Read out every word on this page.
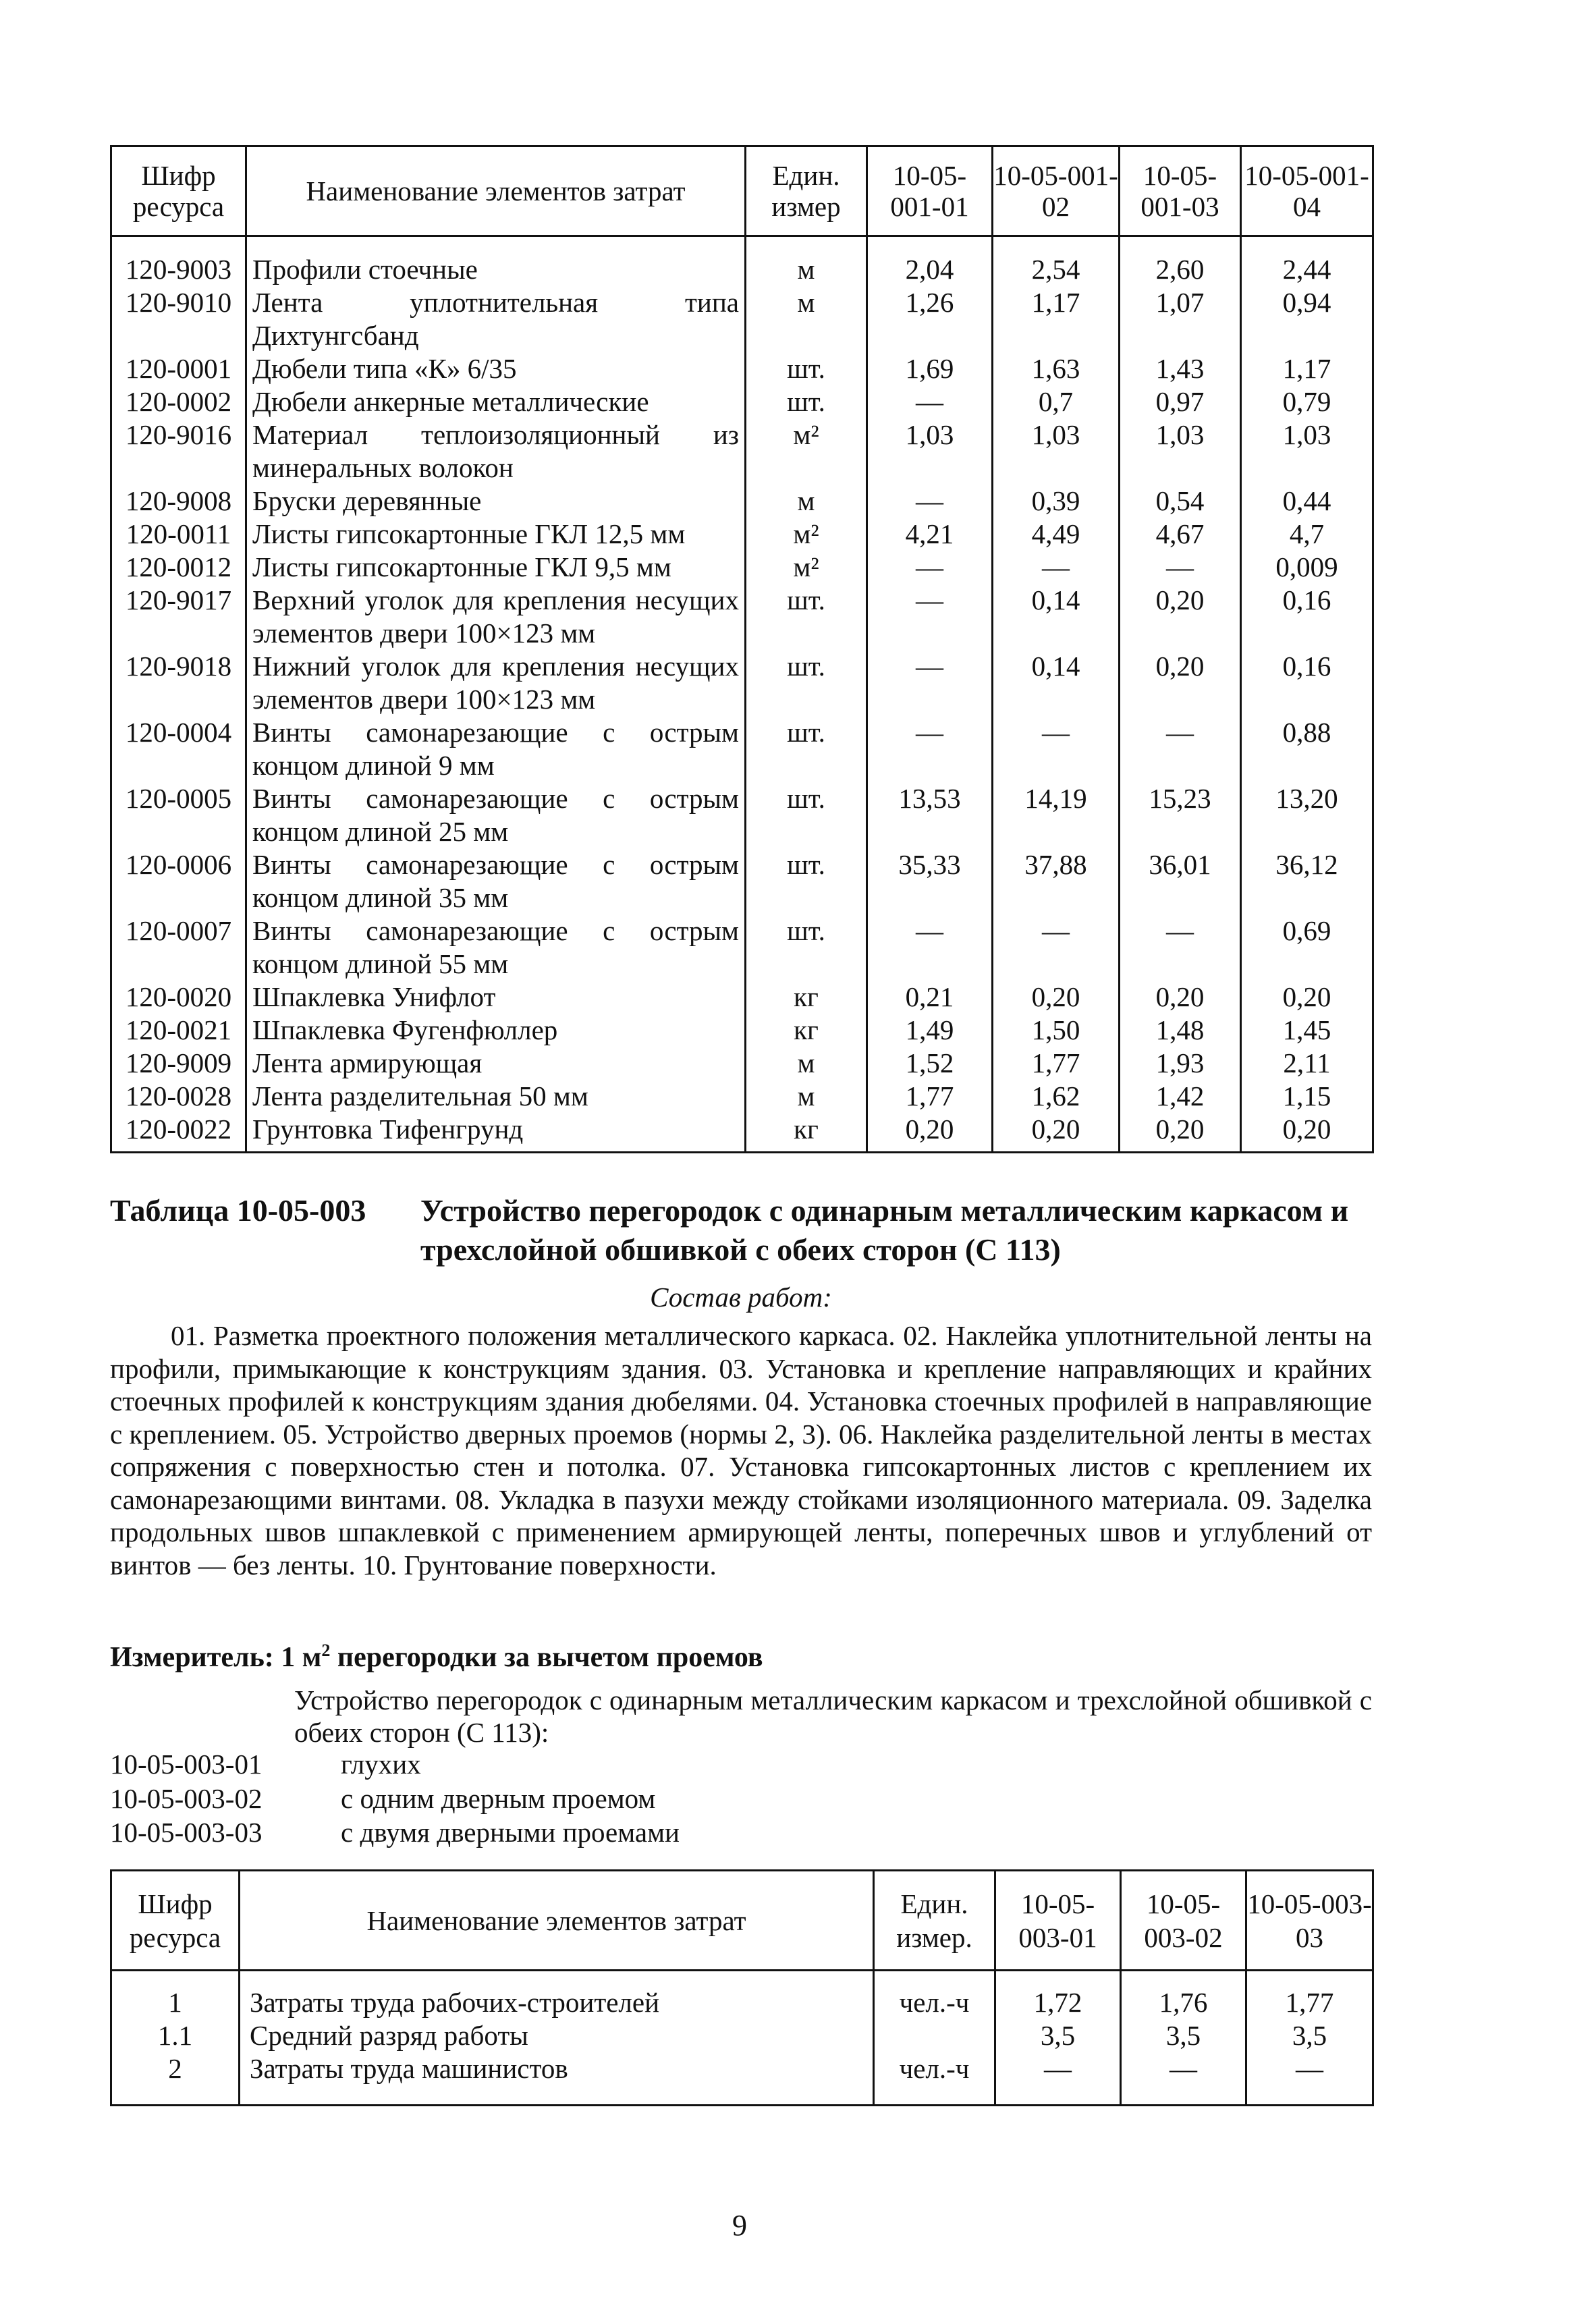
Шифр ресурса	Наименование элементов затрат	Един. измер	10-05-001-01	10-05-001-02	10-05-001-03	10-05-001-04
120-9003	Профили стоечные	м	2,04	2,54	2,60	2,44
120-9010	Лента уплотнительная типа Дихтунгсбанд	м	1,26	1,17	1,07	0,94
120-0001	Дюбели типа «К» 6/35	шт.	1,69	1,63	1,43	1,17
120-0002	Дюбели анкерные металлические	шт.	—	0,7	0,97	0,79
120-9016	Материал теплоизоляционный из минеральных волокон	м²	1,03	1,03	1,03	1,03
120-9008	Бруски деревянные	м	—	0,39	0,54	0,44
120-0011	Листы гипсокартонные ГКЛ 12,5 мм	м²	4,21	4,49	4,67	4,7
120-0012	Листы гипсокартонные ГКЛ 9,5 мм	м²	—	—	—	0,009
120-9017	Верхний уголок для крепления несущих элементов двери 100×123 мм	шт.	—	0,14	0,20	0,16
120-9018	Нижний уголок для крепления несущих элементов двери 100×123 мм	шт.	—	0,14	0,20	0,16
120-0004	Винты самонарезающие с острым концом длиной 9 мм	шт.	—	—	—	0,88
120-0005	Винты самонарезающие с острым концом длиной 25 мм	шт.	13,53	14,19	15,23	13,20
120-0006	Винты самонарезающие с острым концом длиной 35 мм	шт.	35,33	37,88	36,01	36,12
120-0007	Винты самонарезающие с острым концом длиной 55 мм	шт.	—	—	—	0,69
120-0020	Шпаклевка Унифлот	кг	0,21	0,20	0,20	0,20
120-0021	Шпаклевка Фугенфюллер	кг	1,49	1,50	1,48	1,45
120-9009	Лента армирующая	м	1,52	1,77	1,93	2,11
120-0028	Лента разделительная 50 мм	м	1,77	1,62	1,42	1,15
120-0022	Грунтовка Тифенгрунд	кг	0,20	0,20	0,20	0,20
Таблица 10-05-003 Устройство перегородок с одинарным металлическим каркасом и трехслойной обшивкой с обеих сторон (С 113)
Состав работ:
01. Разметка проектного положения металлического каркаса. 02. Наклейка уплотнительной ленты на профили, примыкающие к конструкциям здания. 03. Установка и крепление направляющих и крайних стоечных профилей к конструкциям здания дюбелями. 04. Установка стоечных профилей в направляющие с креплением. 05. Устройство дверных проемов (нормы 2, 3). 06. Наклейка разделительной ленты в местах сопряжения с поверхностью стен и потолка. 07. Установка гипсокартонных листов с креплением их самонарезающими винтами. 08. Укладка в пазухи между стойками изоляционного материала. 09. Заделка продольных швов шпаклевкой с применением армирующей ленты, поперечных швов и углублений от винтов — без ленты. 10. Грунтование поверхности.
Измеритель: 1 $м^2$ перегородки за вычетом проемов
Устройство перегородок с одинарным металлическим каркасом и трехслойной обшивкой с обеих сторон (С 113):
10-05-003-01	глухих
10-05-003-02	с одним дверным проемом
10-05-003-03	с двумя дверными проемами
Шифр ресурса	Наименование элементов затрат	Един. измер.	10-05-003-01	10-05-003-02	10-05-003-03
1	Затраты труда рабочих-строителей	чел.-ч	1,72	1,76	1,77
1.1	Средний разряд работы		3,5	3,5	3,5
2	Затраты труда машинистов	чел.-ч	—	—	—
9
